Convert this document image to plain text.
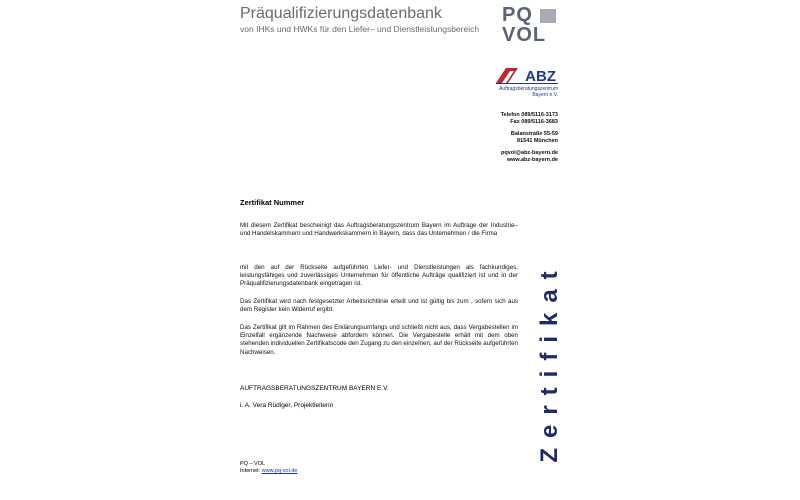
Präqualifizierungsdatenbank
von IHKs und HWKs für den Liefer– und Dienstleistungsbereich
PQ
VOL
ABZ
Auftragsberatungszentrum
Bayern e.V.
Telefon 089/5116-3173
Fax 089/5116-3683
Balanstraße 55-59
81541 München
pqvol@abz-bayern.de
www.abz-bayern.de
Zertifikat Nummer
Mit diesem Zertifikat bescheinigt das Auftragsberatungszentrum Bayern im Auftrage der Industrie– und Handelskammern und Handwerkskammern in Bayern, dass das Unternehmen / die Firma
mit den auf der Rückseite aufgeführten Liefer- und Dienstleistungen als fachkundiges, leistungsfähiges und zuverlässiges Unternehmen für öffentliche Aufträge qualifiziert ist und in der Präqualifizierungsdatenbank eingetragen ist.
Das Zertifikat wird nach festgesetzter Arbeitsrichtlinie erteilt und ist gültig bis zum , sofern sich aus dem Register kein Widerruf ergibt.
Das Zertifikat gilt im Rahmen des Erklärungsumfangs und schließt nicht aus, dass Vergabestellen im Einzelfall ergänzende Nachweise abfordern können. Die Vergabestelle erhält mit dem oben stehenden individuellen Zertifikatscode den Zugang zu den einzelnen, auf der Rückseite aufgeführten Nachweisen.
AUFTRAGSBERATUNGSZENTRUM BAYERN E.V.
i. A. Vera Rüdiger, Projektleiterin
PQ – VOL
Internet: www.pq-vol.de
Zertifikat
